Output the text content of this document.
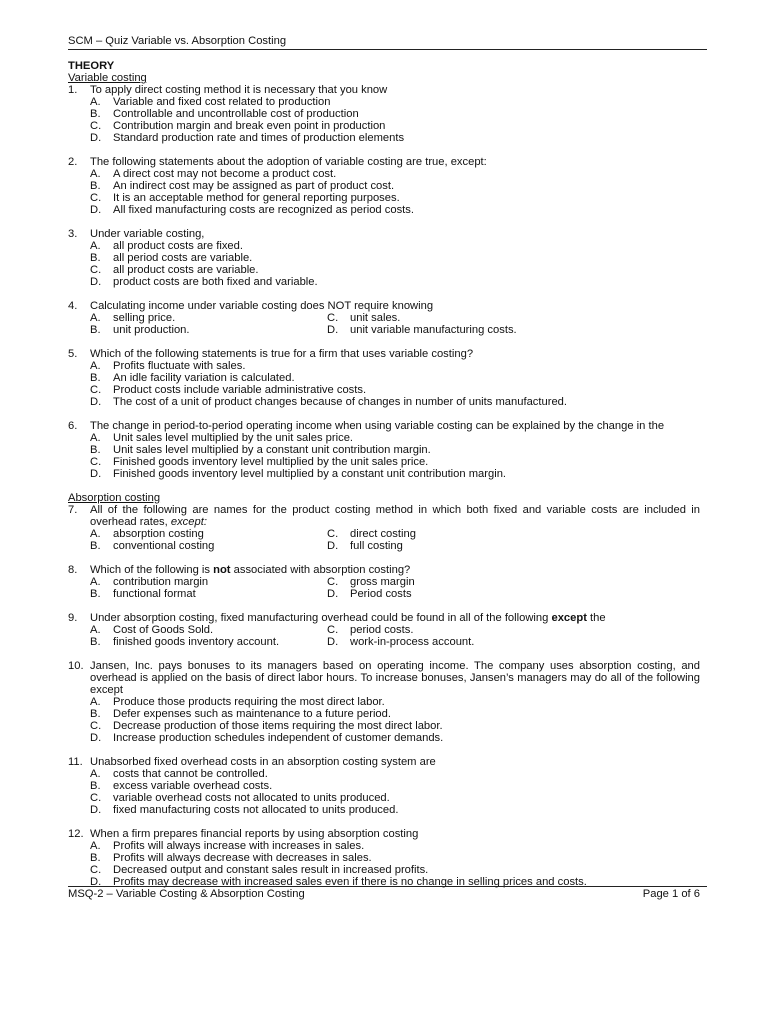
SCM – Quiz Variable vs. Absorption Costing
THEORY
Variable costing
1.	To apply direct costing method it is necessary that you know
A.	Variable and fixed cost related to production
B.	Controllable and uncontrollable cost of production
C.	Contribution margin and break even point in production
D.	Standard production rate and times of production elements
2.	The following statements about the adoption of variable costing are true, except:
A.	A direct cost may not become a product cost.
B.	An indirect cost may be assigned as part of product cost.
C.	It is an acceptable method for general reporting purposes.
D.	All fixed manufacturing costs are recognized as period costs.
3.	Under variable costing,
A.	all product costs are fixed.
B.	all period costs are variable.
C.	all product costs are variable.
D.	product costs are both fixed and variable.
4.	Calculating income under variable costing does NOT require knowing
A.	selling price.	C.	unit sales.
B.	unit production.	D.	unit variable manufacturing costs.
5.	Which of the following statements is true for a firm that uses variable costing?
A.	Profits fluctuate with sales.
B.	An idle facility variation is calculated.
C.	Product costs include variable administrative costs.
D.	The cost of a unit of product changes because of changes in number of units manufactured.
6.	The change in period-to-period operating income when using variable costing can be explained by the change in the
A.	Unit sales level multiplied by the unit sales price.
B.	Unit sales level multiplied by a constant unit contribution margin.
C.	Finished goods inventory level multiplied by the unit sales price.
D.	Finished goods inventory level multiplied by a constant unit contribution margin.
Absorption costing
7.	All of the following are names for the product costing method in which both fixed and variable costs are included in overhead rates, except:
A.	absorption costing	C.	direct costing
B.	conventional costing	D.	full costing
8.	Which of the following is not associated with absorption costing?
A.	contribution margin	C.	gross margin
B.	functional format	D.	Period costs
9.	Under absorption costing, fixed manufacturing overhead could be found in all of the following except the
A.	Cost of Goods Sold.	C.	period costs.
B.	finished goods inventory account.	D.	work-in-process account.
10. Jansen, Inc. pays bonuses to its managers based on operating income. The company uses absorption costing, and overhead is applied on the basis of direct labor hours. To increase bonuses, Jansen’s managers may do all of the following except
A.	Produce those products requiring the most direct labor.
B.	Defer expenses such as maintenance to a future period.
C.	Decrease production of those items requiring the most direct labor.
D.	Increase production schedules independent of customer demands.
11. Unabsorbed fixed overhead costs in an absorption costing system are
A.	costs that cannot be controlled.
B.	excess variable overhead costs.
C.	variable overhead costs not allocated to units produced.
D.	fixed manufacturing costs not allocated to units produced.
12. When a firm prepares financial reports by using absorption costing
A.	Profits will always increase with increases in sales.
B.	Profits will always decrease with decreases in sales.
C.	Decreased output and constant sales result in increased profits.
D.	Profits may decrease with increased sales even if there is no change in selling prices and costs.
MSQ-2 – Variable Costing & Absorption Costing	Page 1 of 6
